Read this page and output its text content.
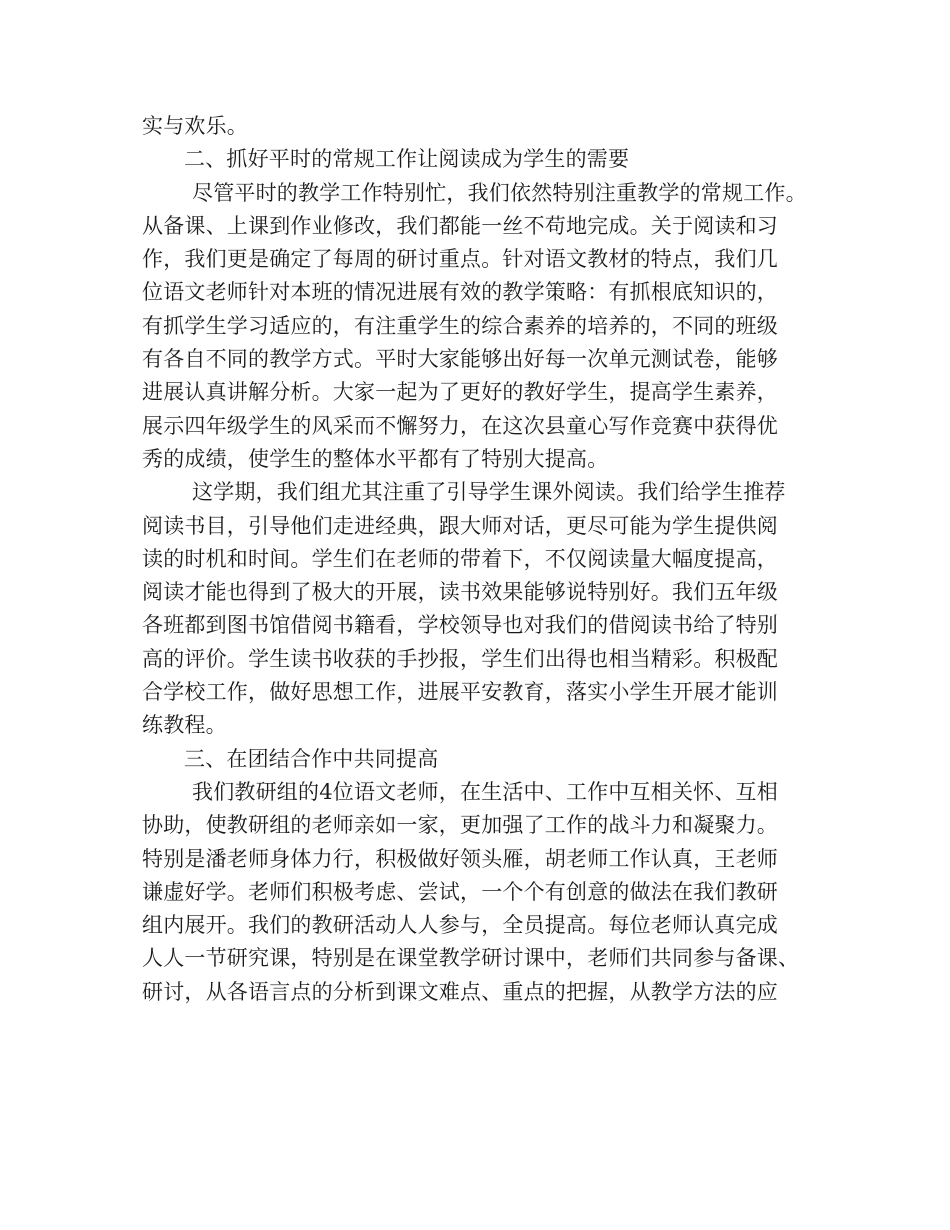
实与欢乐。
二、抓好平时的常规工作让阅读成为学生的需要
尽管平时的教学工作特别忙，我们依然特别注重教学的常规工作。
从备课、上课到作业修改，我们都能一丝不苟地完成。关于阅读和习
作，我们更是确定了每周的研讨重点。针对语文教材的特点，我们几
位语文老师针对本班的情况进展有效的教学策略：有抓根底知识的，
有抓学生学习适应的，有注重学生的综合素养的培养的，不同的班级
有各自不同的教学方式。平时大家能够出好每一次单元测试卷，能够
进展认真讲解分析。大家一起为了更好的教好学生，提高学生素养，
展示四年级学生的风采而不懈努力，在这次县童心写作竞赛中获得优
秀的成绩，使学生的整体水平都有了特别大提高。
这学期，我们组尤其注重了引导学生课外阅读。我们给学生推荐
阅读书目，引导他们走进经典，跟大师对话，更尽可能为学生提供阅
读的时机和时间。学生们在老师的带着下，不仅阅读量大幅度提高，
阅读才能也得到了极大的开展，读书效果能够说特别好。我们五年级
各班都到图书馆借阅书籍看，学校领导也对我们的借阅读书给了特别
高的评价。学生读书收获的手抄报，学生们出得也相当精彩。积极配
合学校工作，做好思想工作，进展平安教育，落实小学生开展才能训
练教程。
三、在团结合作中共同提高
我们教研组的4位语文老师，在生活中、工作中互相关怀、互相
协助，使教研组的老师亲如一家，更加强了工作的战斗力和凝聚力。
特别是潘老师身体力行，积极做好领头雁，胡老师工作认真，王老师
谦虚好学。老师们积极考虑、尝试，一个个有创意的做法在我们教研
组内展开。我们的教研活动人人参与，全员提高。每位老师认真完成
人人一节研究课，特别是在课堂教学研讨课中，老师们共同参与备课、
研讨，从各语言点的分析到课文难点、重点的把握，从教学方法的应
